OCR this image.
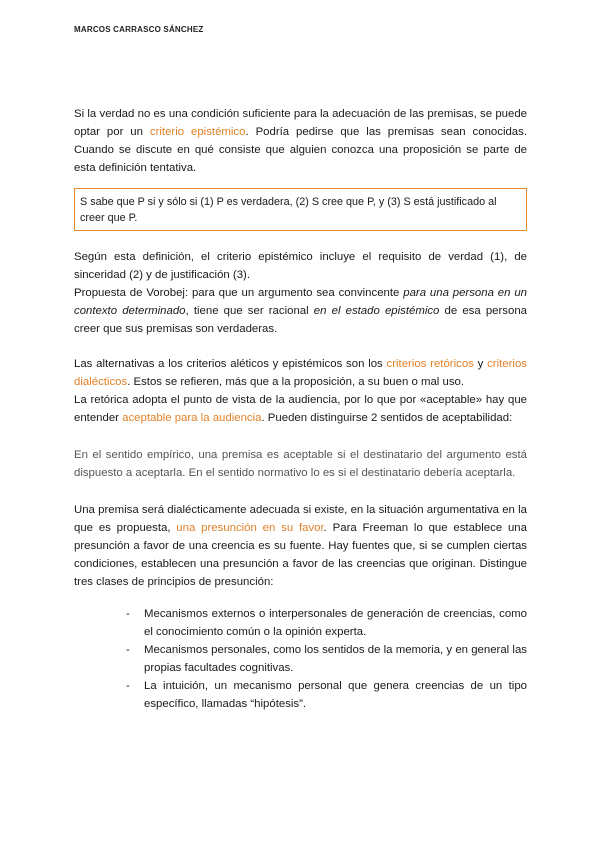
MARCOS CARRASCO SÁNCHEZ

Si la verdad no es una condición suficiente para la adecuación de las premisas, se puede optar por un criterio epistémico. Podría pedirse que las premisas sean conocidas. Cuando se discute en qué consiste que alguien conozca una proposición se parte de esta definición tentativa.

S sabe que P si y sólo si (1) P es verdadera, (2) S cree que P, y (3) S está justificado al creer que P.

Según esta definición, el criterio epistémico incluye el requisito de verdad (1), de sinceridad (2) y de justificación (3).

Propuesta de Vorobej: para que un argumento sea convincente para una persona en un contexto determinado, tiene que ser racional en el estado epistémico de esa persona creer que sus premisas son verdaderas.

Las alternativas a los criterios aléticos y epistémicos son los criterios retóricos y criterios dialécticos. Estos se refieren, más que a la proposición, a su buen o mal uso.

La retórica adopta el punto de vista de la audiencia, por lo que por «aceptable» hay que entender aceptable para la audiencia. Pueden distinguirse 2 sentidos de aceptabilidad:

En el sentido empírico, una premisa es aceptable si el destinatario del argumento está dispuesto a aceptarla. En el sentido normativo lo es si el destinatario debería aceptarla.

Una premisa será dialécticamente adecuada si existe, en la situación argumentativa en la que es propuesta, una presunción en su favor. Para Freeman lo que establece una presunción a favor de una creencia es su fuente. Hay fuentes que, si se cumplen ciertas condiciones, establecen una presunción a favor de las creencias que originan. Distingue tres clases de principios de presunción:

- Mecanismos externos o interpersonales de generación de creencias, como el conocimiento común o la opinión experta.
- Mecanismos personales, como los sentidos de la memoria, y en general las propias facultades cognitivas.
- La intuición, un mecanismo personal que genera creencias de un tipo específico, llamadas “hipótesis”.
